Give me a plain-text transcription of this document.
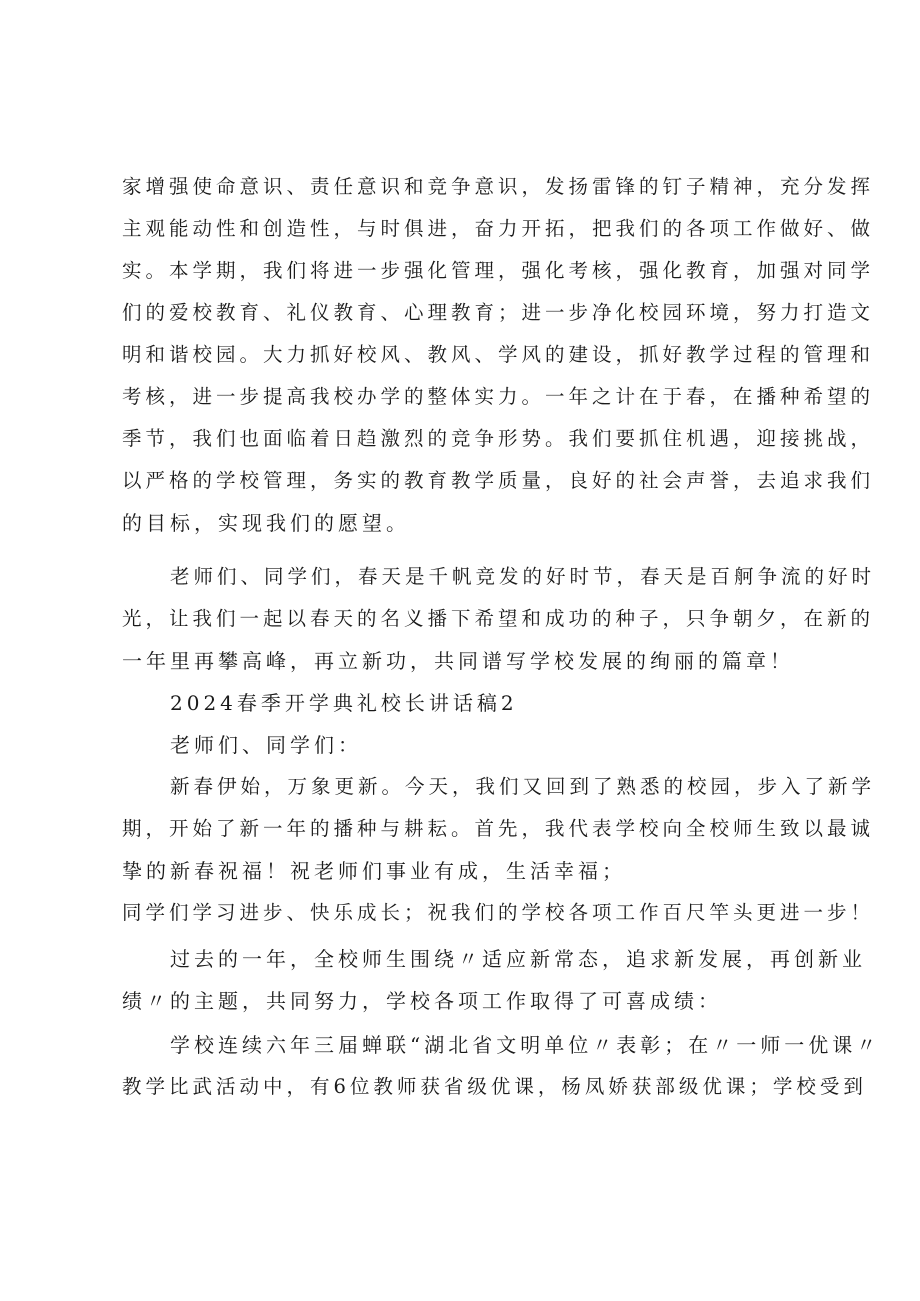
家增强使命意识、责任意识和竞争意识，发扬雷锋的钉子精神，充分发挥
主观能动性和创造性，与时俱进，奋力开拓，把我们的各项工作做好、做
实。本学期，我们将进一步强化管理，强化考核，强化教育，加强对同学
们的爱校教育、礼仪教育、心理教育；进一步净化校园环境，努力打造文
明和谐校园。大力抓好校风、教风、学风的建设，抓好教学过程的管理和
考核，进一步提高我校办学的整体实力。一年之计在于春，在播种希望的
季节，我们也面临着日趋激烈的竞争形势。我们要抓住机遇，迎接挑战，
以严格的学校管理，务实的教育教学质量，良好的社会声誉，去追求我们
的目标，实现我们的愿望。
老师们、同学们，春天是千帆竞发的好时节，春天是百舸争流的好时
光，让我们一起以春天的名义播下希望和成功的种子，只争朝夕，在新的
一年里再攀高峰，再立新功，共同谱写学校发展的绚丽的篇章！
2024春季开学典礼校长讲话稿2
老师们、同学们：
新春伊始，万象更新。今天，我们又回到了熟悉的校园，步入了新学
期，开始了新一年的播种与耕耘。首先，我代表学校向全校师生致以最诚
挚的新春祝福！祝老师们事业有成，生活幸福；
同学们学习进步、快乐成长；祝我们的学校各项工作百尺竿头更进一步！
过去的一年，全校师生围绕〃适应新常态，追求新发展，再创新业
绩〃的主题，共同努力，学校各项工作取得了可喜成绩：
学校连续六年三届蝉联“湖北省文明单位〃表彰；在〃一师一优课〃
教学比武活动中，有6位教师获省级优课，杨凤娇获部级优课；学校受到
